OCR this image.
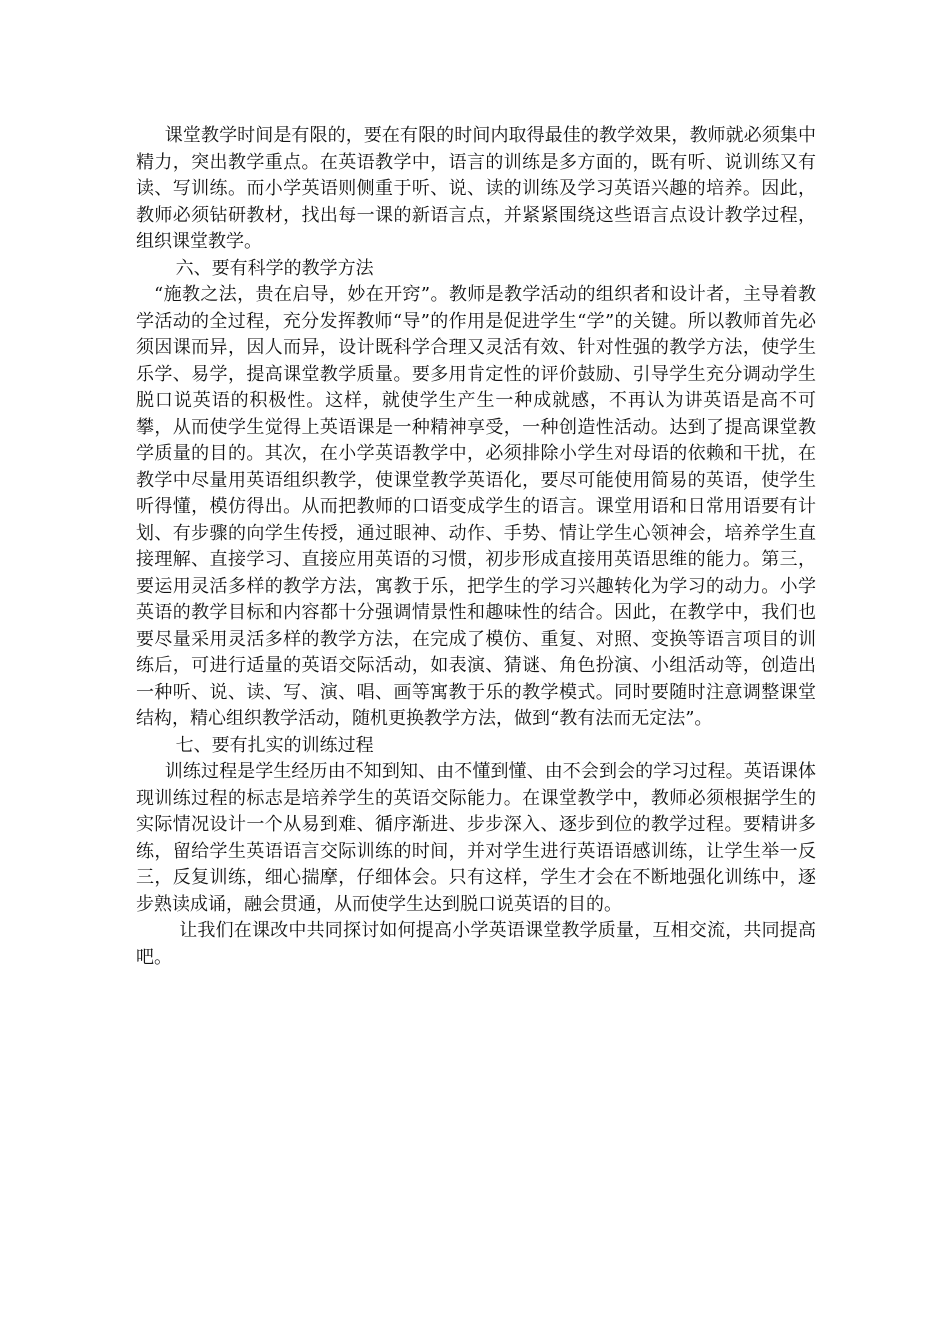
课堂教学时间是有限的，要在有限的时间内取得最佳的教学效果，教师就必须集中精力，突出教学重点。在英语教学中，语言的训练是多方面的，既有听、说训练又有读、写训练。而小学英语则侧重于听、说、读的训练及学习英语兴趣的培养。因此，教师必须钻研教材，找出每一课的新语言点，并紧紧围绕这些语言点设计教学过程，组织课堂教学。

六、要有科学的教学方法

“施教之法，贵在启导，妙在开窍”。教师是教学活动的组织者和设计者，主导着教学活动的全过程，充分发挥教师“导”的作用是促进学生“学”的关键。所以教师首先必须因课而异，因人而异，设计既科学合理又灵活有效、针对性强的教学方法，使学生乐学、易学，提高课堂教学质量。要多用肯定性的评价鼓励、引导学生充分调动学生脱口说英语的积极性。这样，就使学生产生一种成就感，不再认为讲英语是高不可攀，从而使学生觉得上英语课是一种精神享受，一种创造性活动。达到了提高课堂教学质量的目的。其次，在小学英语教学中，必须排除小学生对母语的依赖和干扰，在教学中尽量用英语组织教学，使课堂教学英语化，要尽可能使用简易的英语，使学生听得懂，模仿得出。从而把教师的口语变成学生的语言。课堂用语和日常用语要有计划、有步骤的向学生传授，通过眼神、动作、手势、情让学生心领神会，培养学生直接理解、直接学习、直接应用英语的习惯，初步形成直接用英语思维的能力。第三，要运用灵活多样的教学方法，寓教于乐，把学生的学习兴趣转化为学习的动力。小学英语的教学目标和内容都十分强调情景性和趣味性的结合。因此，在教学中，我们也要尽量采用灵活多样的教学方法，在完成了模仿、重复、对照、变换等语言项目的训练后，可进行适量的英语交际活动，如表演、猜谜、角色扮演、小组活动等，创造出一种听、说、读、写、演、唱、画等寓教于乐的教学模式。同时要随时注意调整课堂结构，精心组织教学活动，随机更换教学方法，做到“教有法而无定法”。

七、要有扎实的训练过程

训练过程是学生经历由不知到知、由不懂到懂、由不会到会的学习过程。英语课体现训练过程的标志是培养学生的英语交际能力。在课堂教学中，教师必须根据学生的实际情况设计一个从易到难、循序渐进、步步深入、逐步到位的教学过程。要精讲多练，留给学生英语语言交际训练的时间，并对学生进行英语语感训练，让学生举一反三，反复训练，细心揣摩，仔细体会。只有这样，学生才会在不断地强化训练中，逐步熟读成诵，融会贯通，从而使学生达到脱口说英语的目的。

让我们在课改中共同探讨如何提高小学英语课堂教学质量，互相交流，共同提高吧。
